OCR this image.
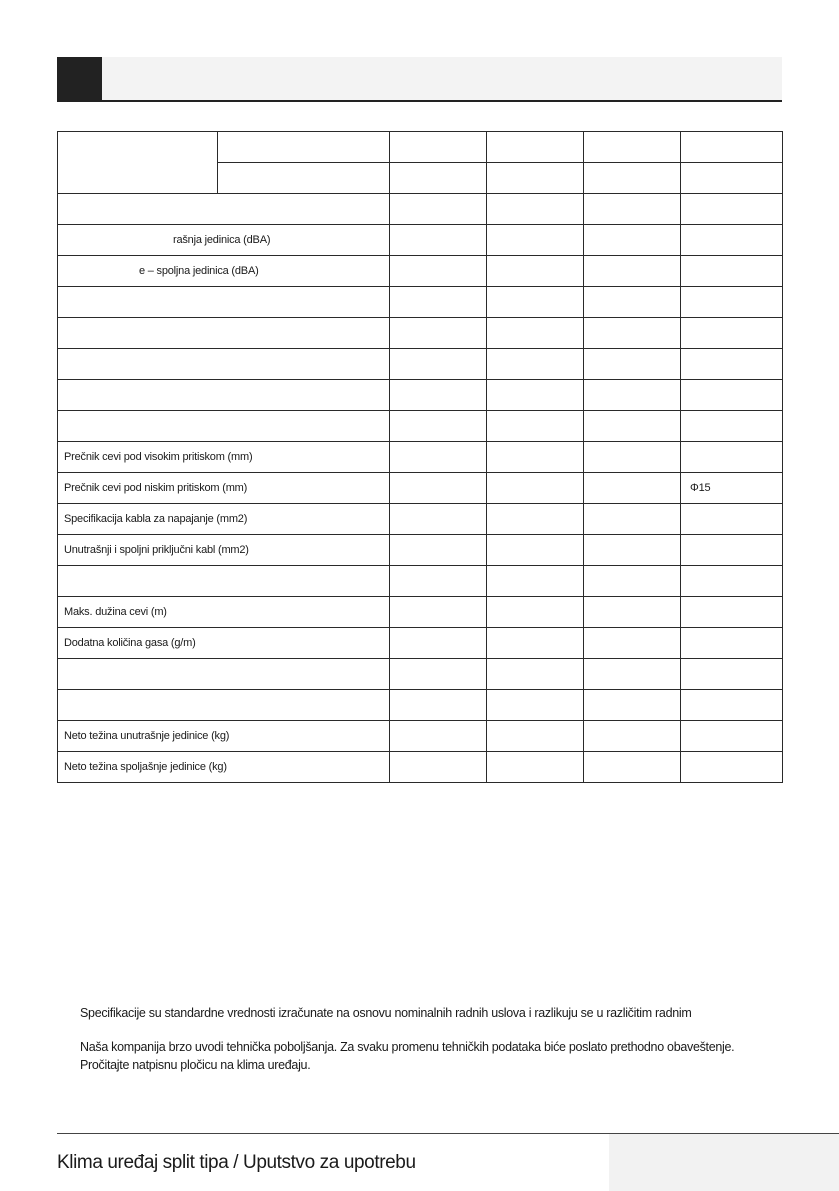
rašnja jedinica (dBA)					
e – spoljna jedinica (dBA)					

Prečnik cevi pod visokim pritiskom (mm)					
Prečnik cevi pod niskim pritiskom (mm)					Φ15
Specifikacija kabla za napajanje (mm2)					
Unutrašnji i spoljni priključni kabl (mm2)					

Maks. dužina cevi (m)					
Dodatna količina gasa (g/m)					

Neto težina unutrašnje jedinice (kg)					
Neto težina spoljašnje jedinice (kg)					

Specifikacije su standardne vrednosti izračunate na osnovu nominalnih radnih uslova i razlikuju se u različitim radnim

Naša kompanija brzo uvodi tehnička poboljšanja. Za svaku promenu tehničkih podataka biće poslato prethodno obaveštenje.

Pročitajte natpisnu pločicu na klima uređaju.

Klima uređaj split tipa / Uputstvo za upotrebu
